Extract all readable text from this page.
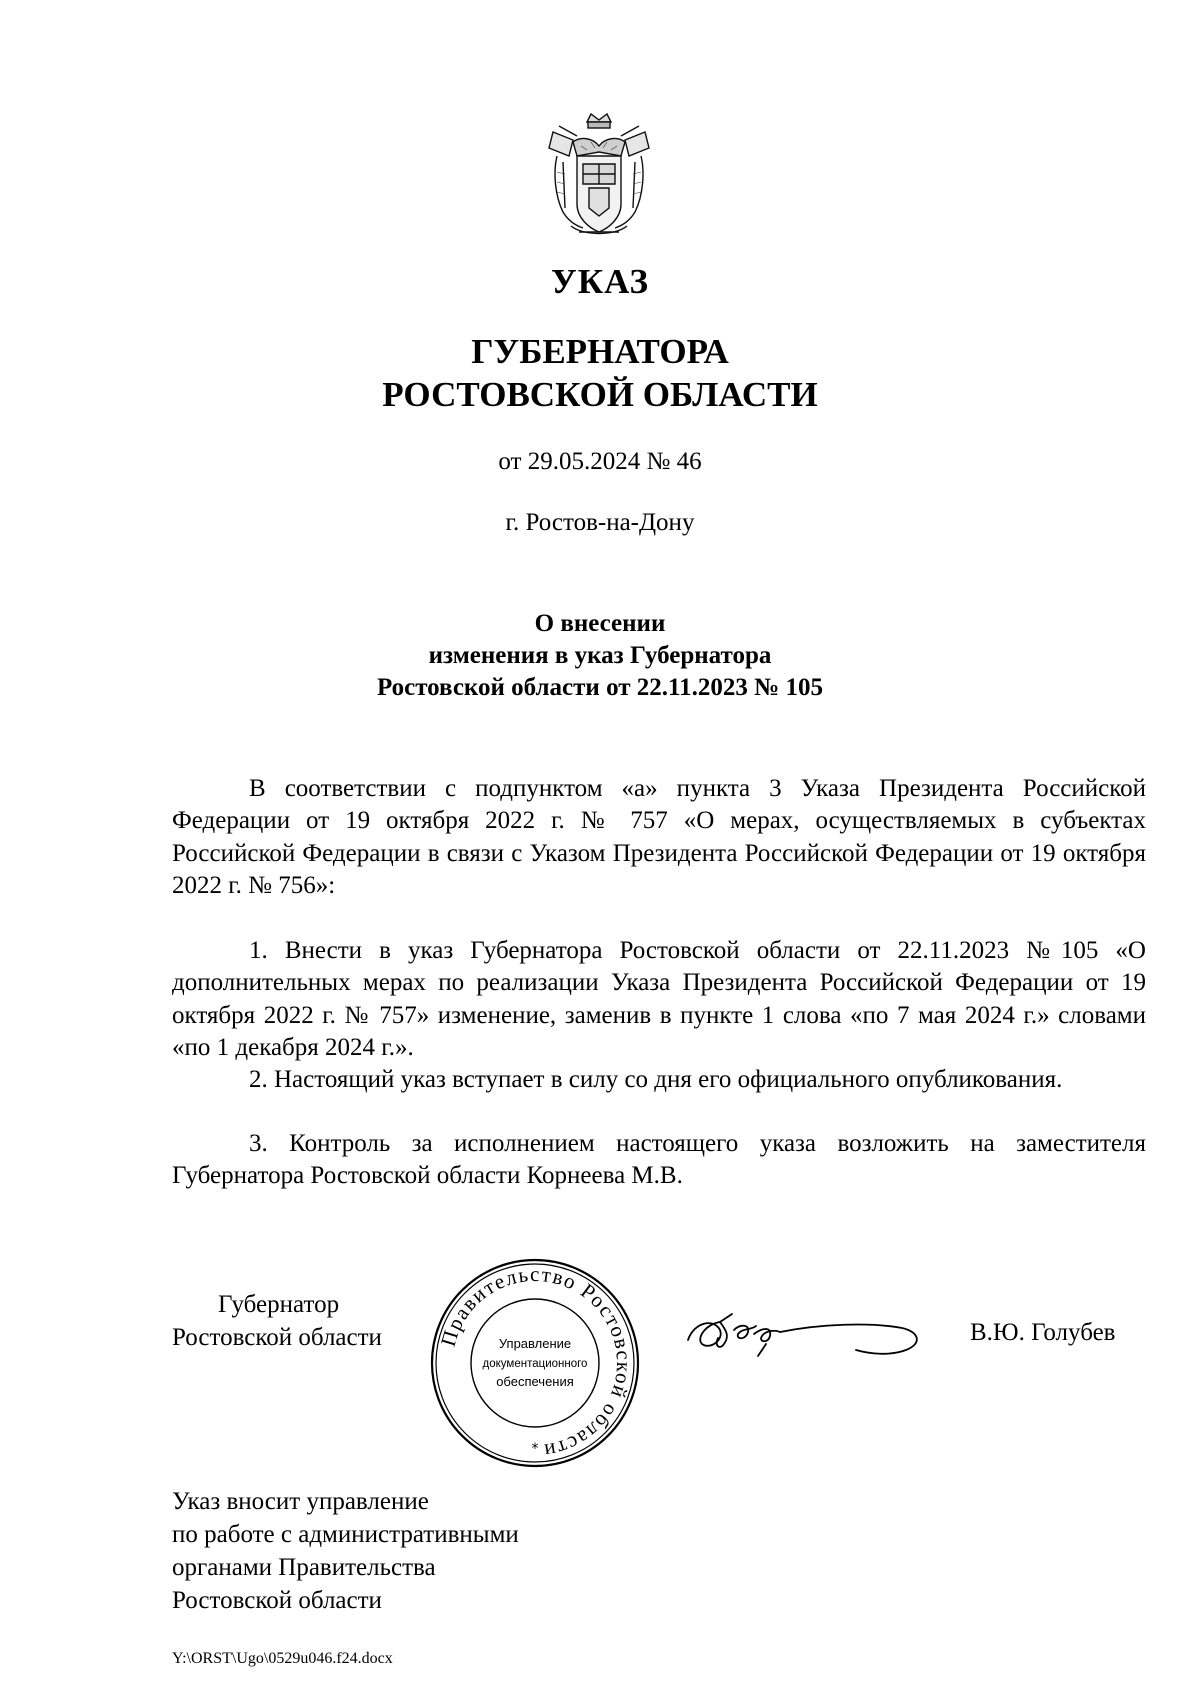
УКАЗ
ГУБЕРНАТОРА
РОСТОВСКОЙ ОБЛАСТИ
от 29.05.2024 № 46
г. Ростов-на-Дону
О внесении
изменения в указ Губернатора
Ростовской области от 22.11.2023 № 105
В соответствии с подпунктом «а» пункта 3 Указа Президента Российской Федерации от 19 октября 2022 г. № 757 «О мерах, осуществляемых в субъектах Российской Федерации в связи с Указом Президента Российской Федерации от 19 октября 2022 г. № 756»:
1. Внести в указ Губернатора Ростовской области от 22.11.2023 №105 «О дополнительных мерах по реализации Указа Президента Российской Федерации от 19 октября 2022 г. № 757» изменение, заменив в пункте 1 слова «по 7 мая 2024 г.» словами «по 1 декабря 2024 г.».
2. Настоящий указ вступает в силу со дня его официального опубликования.
3. Контроль за исполнением настоящего указа возложить на заместителя Губернатора Ростовской области Корнеева М.В.
Губернатор
Ростовской области	Правительство Ростовской области
Управление
документационного
обеспечения
*
В.Ю. Голубев
Указ вносит управление
по работе с административными
органами Правительства
Ростовской области
Y:\ORST\Ugo\0529u046.f24.docx
